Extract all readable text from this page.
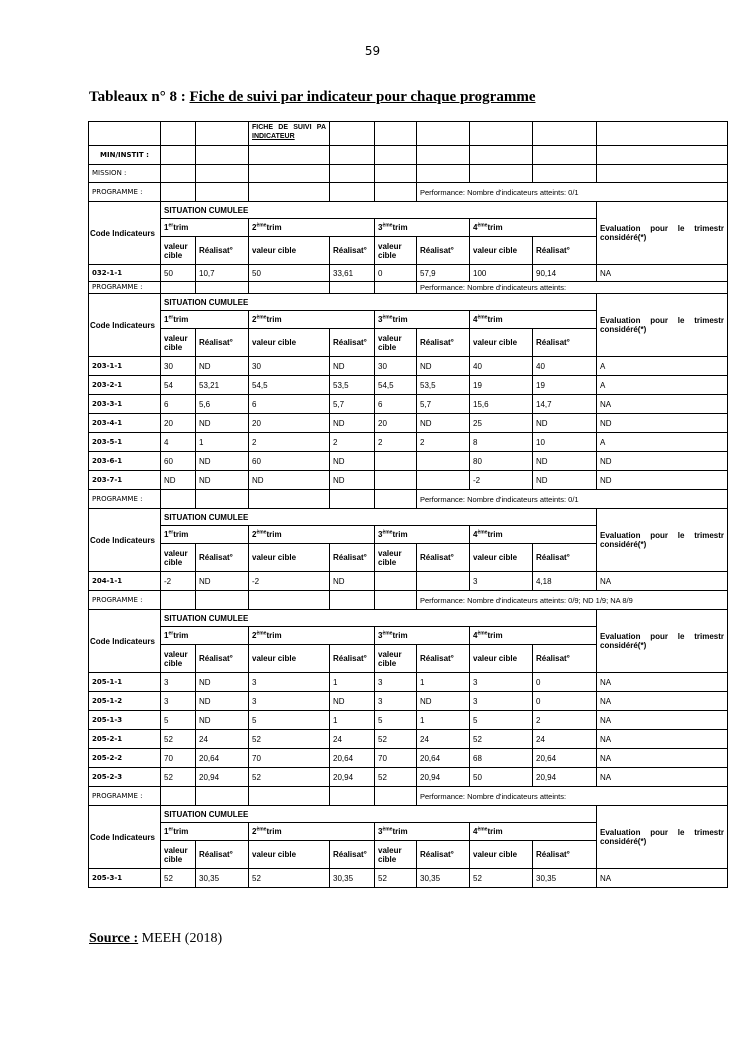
59
Tableaux n° 8 : Fiche de suivi par indicateur pour chaque programme

			FICHE DE SUIVI PA
INDICATEUR						

MIN/INSTIT :									
MISSION :									
PROGRAMME :						Performance: Nombre d'indicateurs atteints: 0/1			
Code Indicateurs	SITUATION CUMULEE								Evaluation pour le trimestr
considéré(*)

	1ertrim		2èmetrim		3èmetrim		4èmetrim		
	valeur cible	Réalisat°	valeur cible	Réalisat°	valeur cible	Réalisat°	valeur cible	Réalisat°	
032-1-1	50	10,7	50	33,61	0	57,9	100	90,14	NA
PROGRAMME :						Performance: Nombre d'indicateurs atteints:			
Code Indicateurs	SITUATION CUMULEE								Evaluation pour le trimestr
considéré(*)

	1ertrim		2èmetrim		3èmetrim		4èmetrim		
	valeur cible	Réalisat°	valeur cible	Réalisat°	valeur cible	Réalisat°	valeur cible	Réalisat°	
203-1-1	30	ND	30	ND	30	ND	40	40	A
203-2-1	54	53,21	54,5	53,5	54,5	53,5	19	19	A
203-3-1	6	5,6	6	5,7	6	5,7	15,6	14,7	NA
203-4-1	20	ND	20	ND	20	ND	25	ND	ND
203-5-1	4	1	2	2	2	2	8	10	A
203-6-1	60	ND	60	ND			80	ND	ND
203-7-1	ND	ND	ND	ND			-2	ND	ND
PROGRAMME :						Performance: Nombre d'indicateurs atteints: 0/1			
Code Indicateurs	SITUATION CUMULEE								Evaluation pour le trimestr
considéré(*)

	1ertrim		2èmetrim		3èmetrim		4èmetrim		
	valeur cible	Réalisat°	valeur cible	Réalisat°	valeur cible	Réalisat°	valeur cible	Réalisat°	
204-1-1	-2	ND	-2	ND			3	4,18	NA
PROGRAMME :						Performance: Nombre d'indicateurs atteints: 0/9; ND 1/9; NA 8/9			
Code Indicateurs	SITUATION CUMULEE								Evaluation pour le trimestr
considéré(*)

	1ertrim		2èmetrim		3èmetrim		4èmetrim		
	valeur cible	Réalisat°	valeur cible	Réalisat°	valeur cible	Réalisat°	valeur cible	Réalisat°	
205-1-1	3	ND	3	1	3	1	3	0	NA
205-1-2	3	ND	3	ND	3	ND	3	0	NA
205-1-3	5	ND	5	1	5	1	5	2	NA
205-2-1	52	24	52	24	52	24	52	24	NA
205-2-2	70	20,64	70	20,64	70	20,64	68	20,64	NA
205-2-3	52	20,94	52	20,94	52	20,94	50	20,94	NA
PROGRAMME :						Performance: Nombre d'indicateurs atteints:			
Code Indicateurs	SITUATION CUMULEE								Evaluation pour le trimestr
considéré(*)

	1ertrim		2èmetrim		3èmetrim		4èmetrim		
	valeur cible	Réalisat°	valeur cible	Réalisat°	valeur cible	Réalisat°	valeur cible	Réalisat°	
205-3-1	52	30,35	52	30,35	52	30,35	52	30,35	NA
Source : MEEH (2018)
